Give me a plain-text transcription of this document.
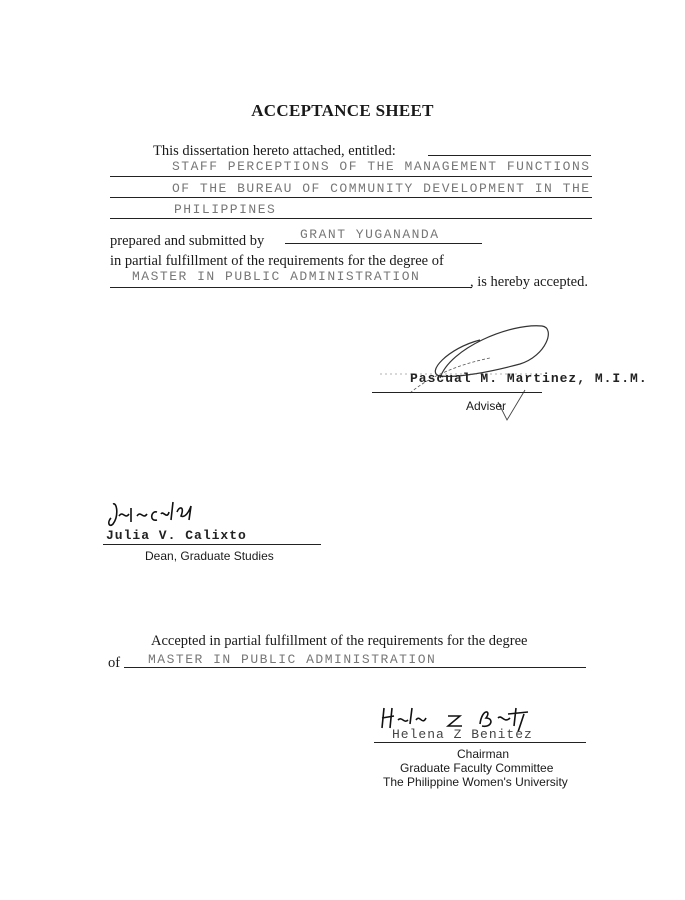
ACCEPTANCE SHEET
This dissertation hereto attached, entitled:
STAFF PERCEPTIONS OF THE MANAGEMENT FUNCTIONS
OF THE BUREAU OF COMMUNITY DEVELOPMENT IN THE
PHILIPPINES
prepared and submitted by	GRANT YUGANANDA
in partial fulfillment of the requirements for the degree of
MASTER IN PUBLIC ADMINISTRATION	, is hereby accepted.
Pascual M. Martinez, M.I.M.
Adviser
Julia V. Calixto
Dean, Graduate Studies
Accepted in partial fulfillment of the requirements for the degree
of MASTER IN PUBLIC ADMINISTRATION
Helena Z Benitez
Chairman
Graduate Faculty Committee
The Philippine Women's University
